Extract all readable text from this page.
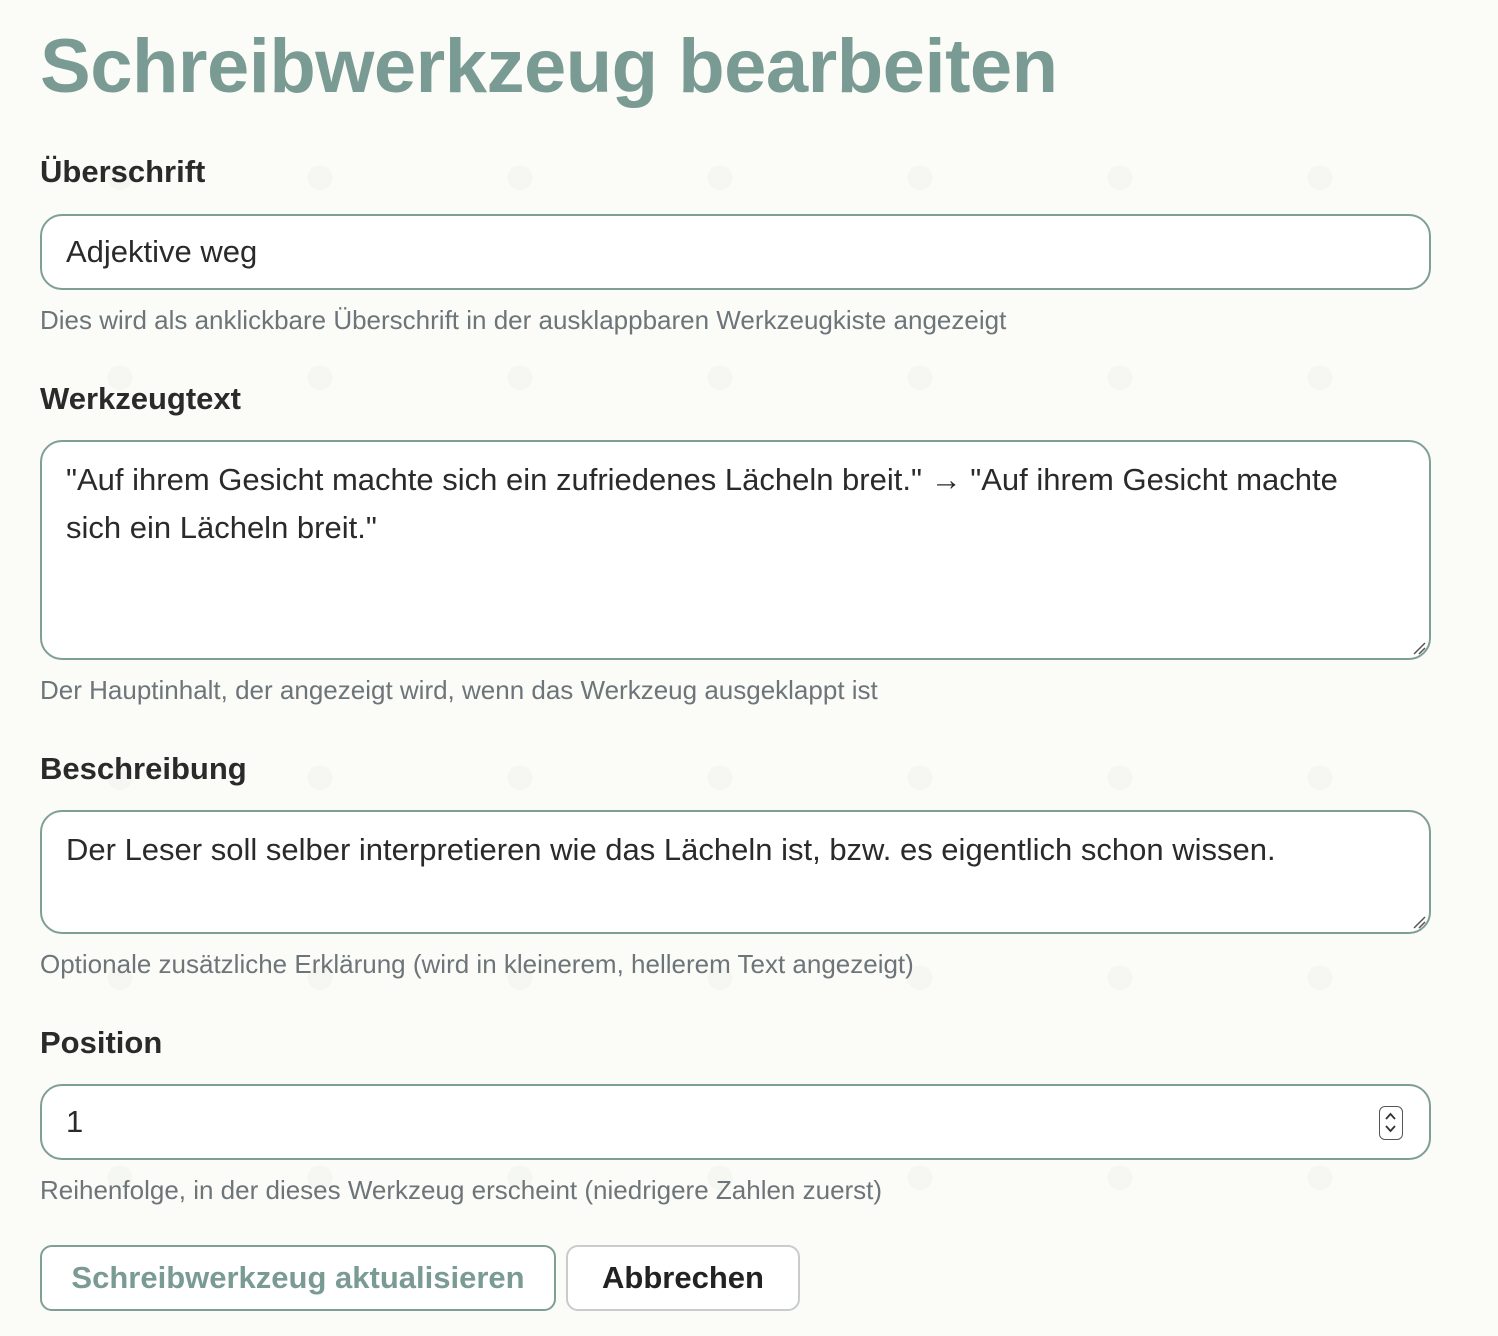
Schreibwerkzeug bearbeiten
Überschrift
Adjektive weg
Dies wird als anklickbare Überschrift in der ausklappbaren Werkzeugkiste angezeigt
Werkzeugtext
"Auf ihrem Gesicht machte sich ein zufriedenes Lächeln breit." → "Auf ihrem Gesicht machte
sich ein Lächeln breit."
Der Hauptinhalt, der angezeigt wird, wenn das Werkzeug ausgeklappt ist
Beschreibung
Der Leser soll selber interpretieren wie das Lächeln ist, bzw. es eigentlich schon wissen.
Optionale zusätzliche Erklärung (wird in kleinerem, hellerem Text angezeigt)
Position
1
Reihenfolge, in der dieses Werkzeug erscheint (niedrigere Zahlen zuerst)
Schreibwerkzeug aktualisieren	Abbrechen
